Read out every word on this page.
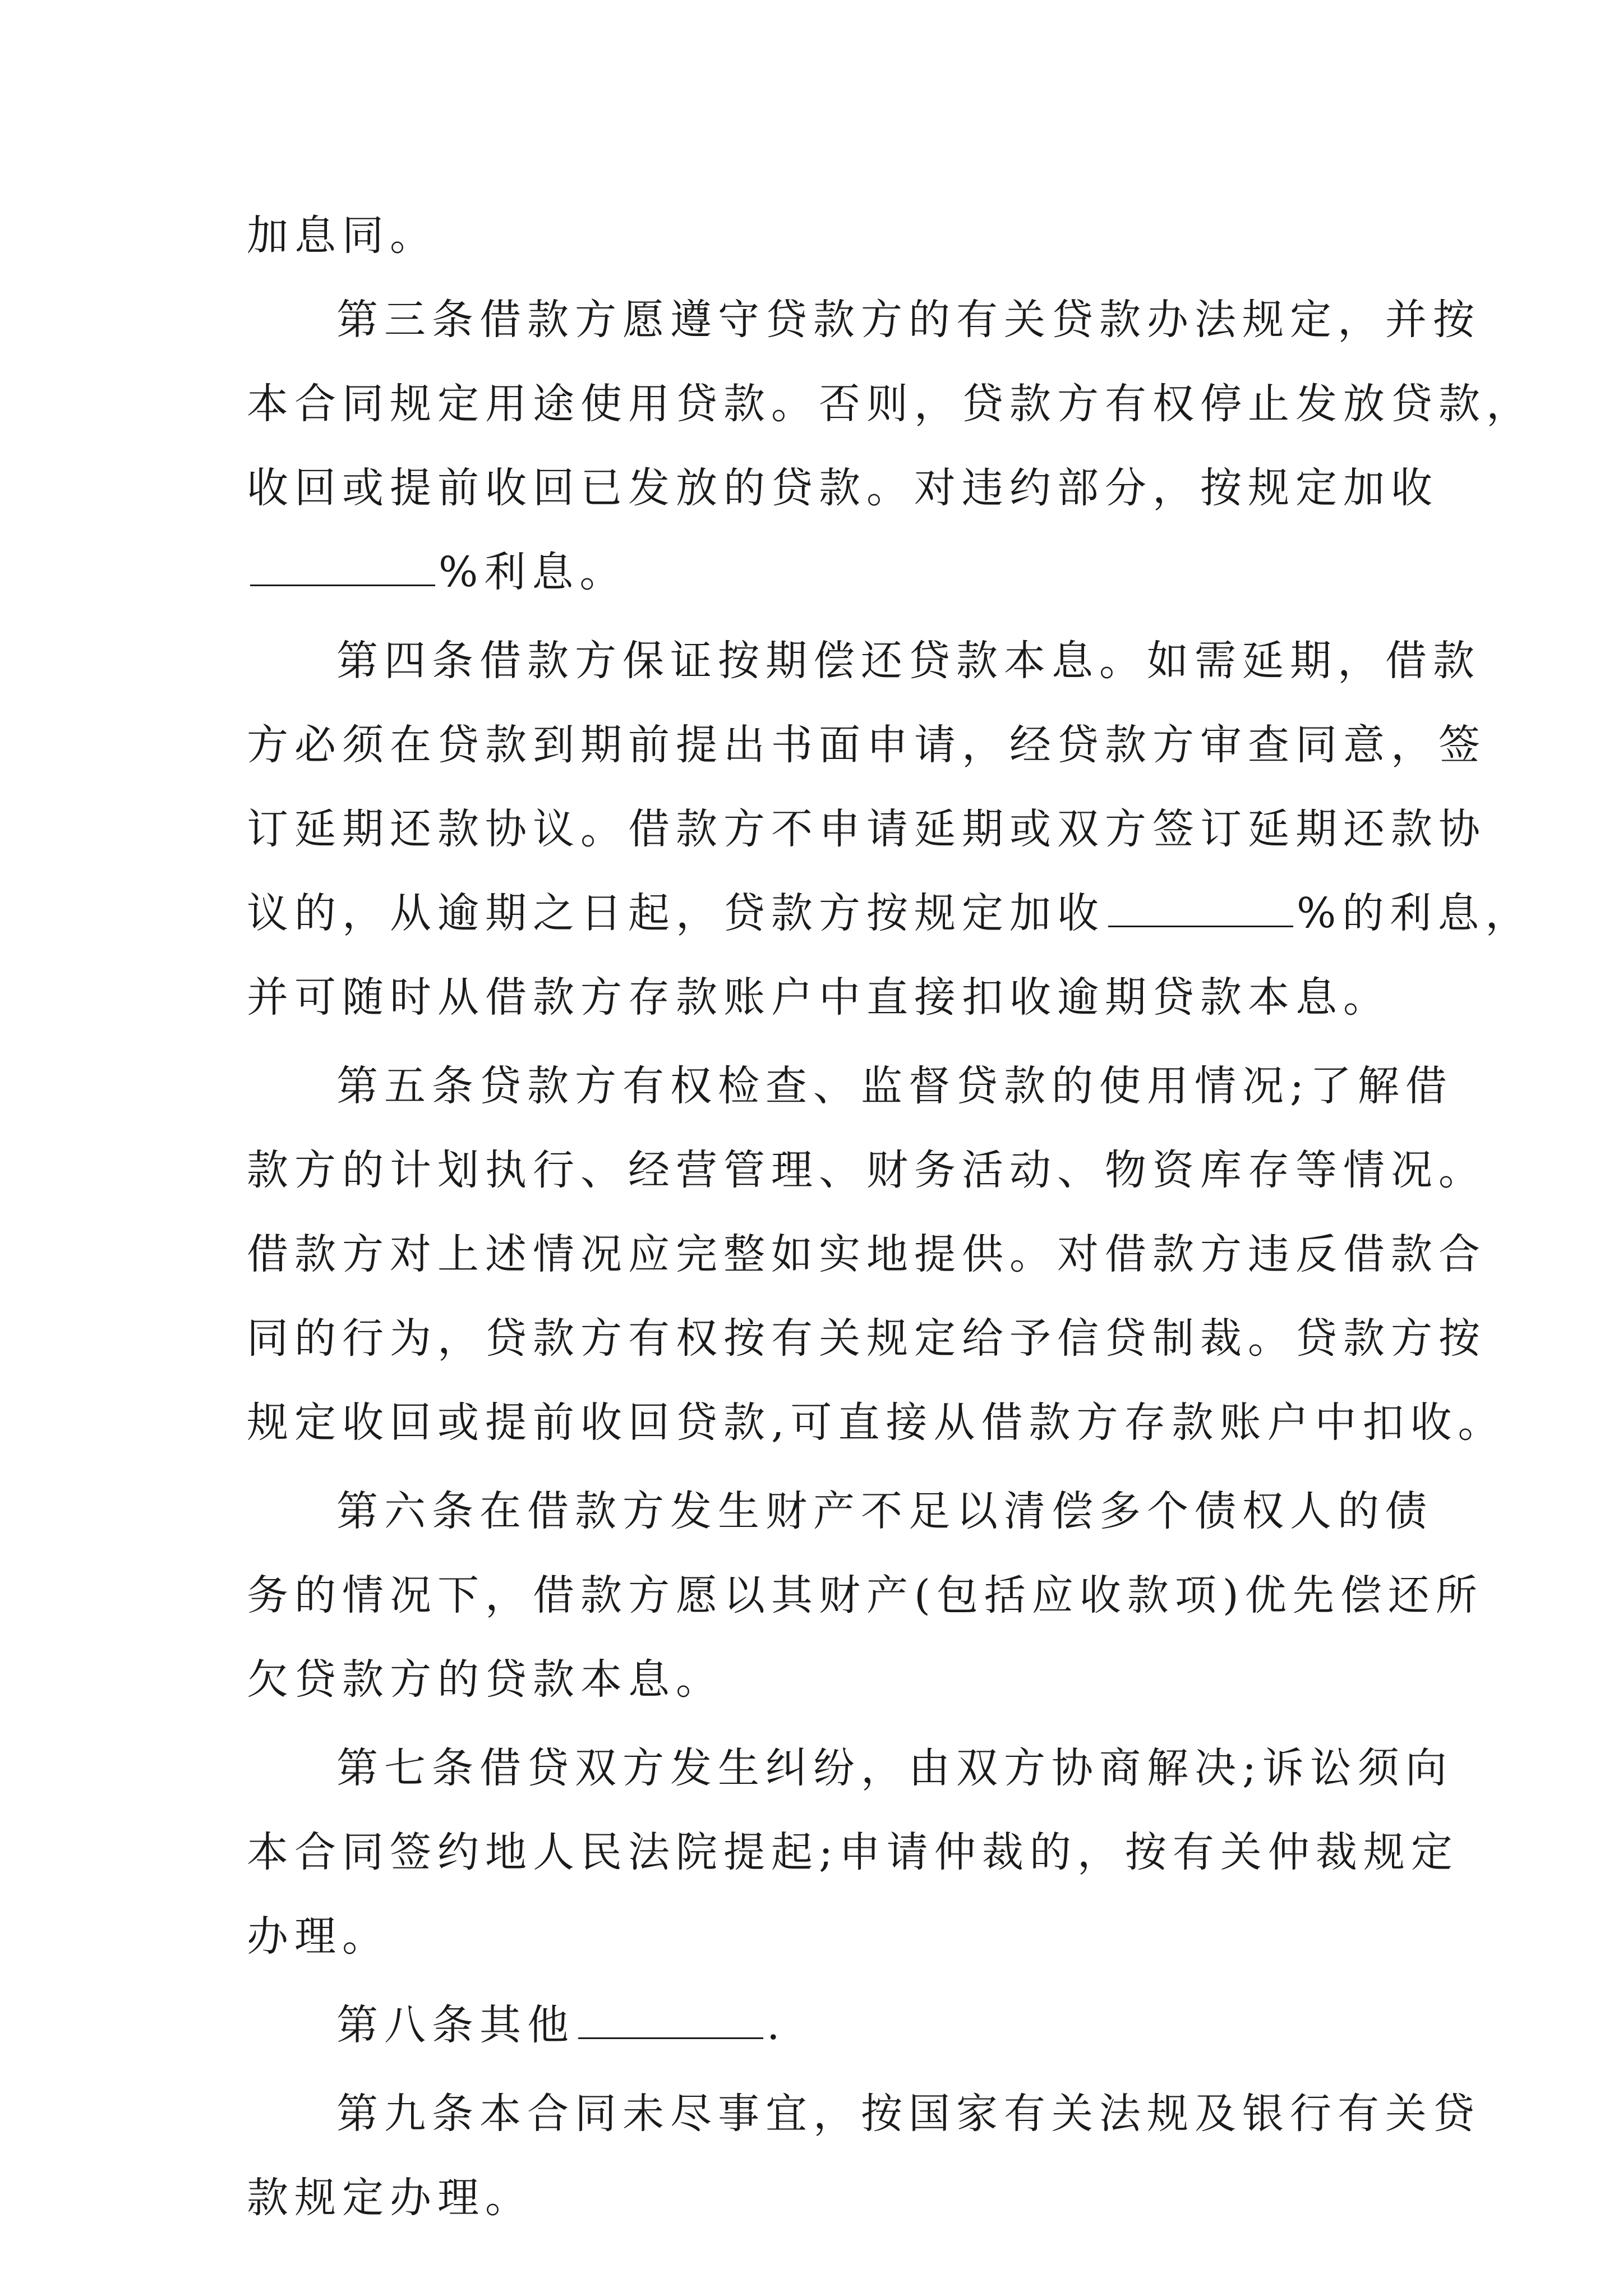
加息同。
第三条借款方愿遵守贷款方的有关贷款办法规定，并按
本合同规定用途使用贷款。否则，贷款方有权停止发放贷款，
收回或提前收回已发放的贷款。对违约部分，按规定加收
%利息。
第四条借款方保证按期偿还贷款本息。如需延期，借款
方必须在贷款到期前提出书面申请，经贷款方审查同意，签
订延期还款协议。借款方不申请延期或双方签订延期还款协
议的，从逾期之日起，贷款方按规定加收	%的利息，
并可随时从借款方存款账户中直接扣收逾期贷款本息。
第五条贷款方有权检查、监督贷款的使用情况;了解借
款方的计划执行、经营管理、财务活动、物资库存等情况。
借款方对上述情况应完整如实地提供。对借款方违反借款合
同的行为，贷款方有权按有关规定给予信贷制裁。贷款方按
规定收回或提前收回贷款,可直接从借款方存款账户中扣收。
第六条在借款方发生财产不足以清偿多个债权人的债
务的情况下，借款方愿以其财产(包括应收款项)优先偿还所
欠贷款方的贷款本息。
第七条借贷双方发生纠纷，由双方协商解决;诉讼须向
本合同签约地人民法院提起;申请仲裁的，按有关仲裁规定
办理。
第八条其他	.
第九条本合同未尽事宜，按国家有关法规及银行有关贷
款规定办理。
